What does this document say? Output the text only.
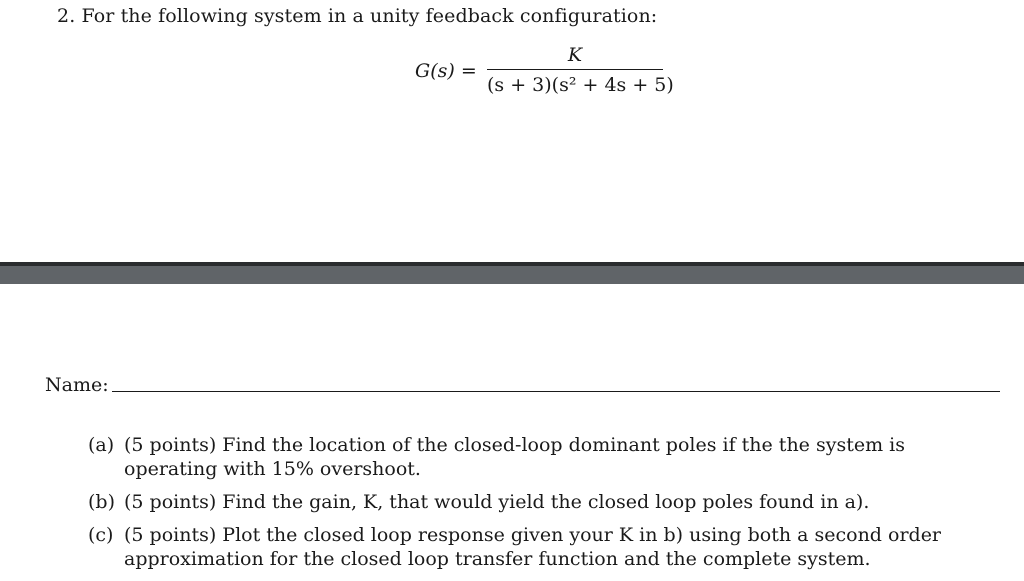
2. For the following system in a unity feedback configuration:
G(s) =
K
(s + 3)(s² + 4s + 5)
Name:
(a) (5 points) Find the location of the closed-loop dominant poles if the the system is operating with 15% overshoot.
(b) (5 points) Find the gain, K, that would yield the closed loop poles found in a).
(c) (5 points) Plot the closed loop response given your K in b) using both a second order approximation for the closed loop transfer function and the complete system.
